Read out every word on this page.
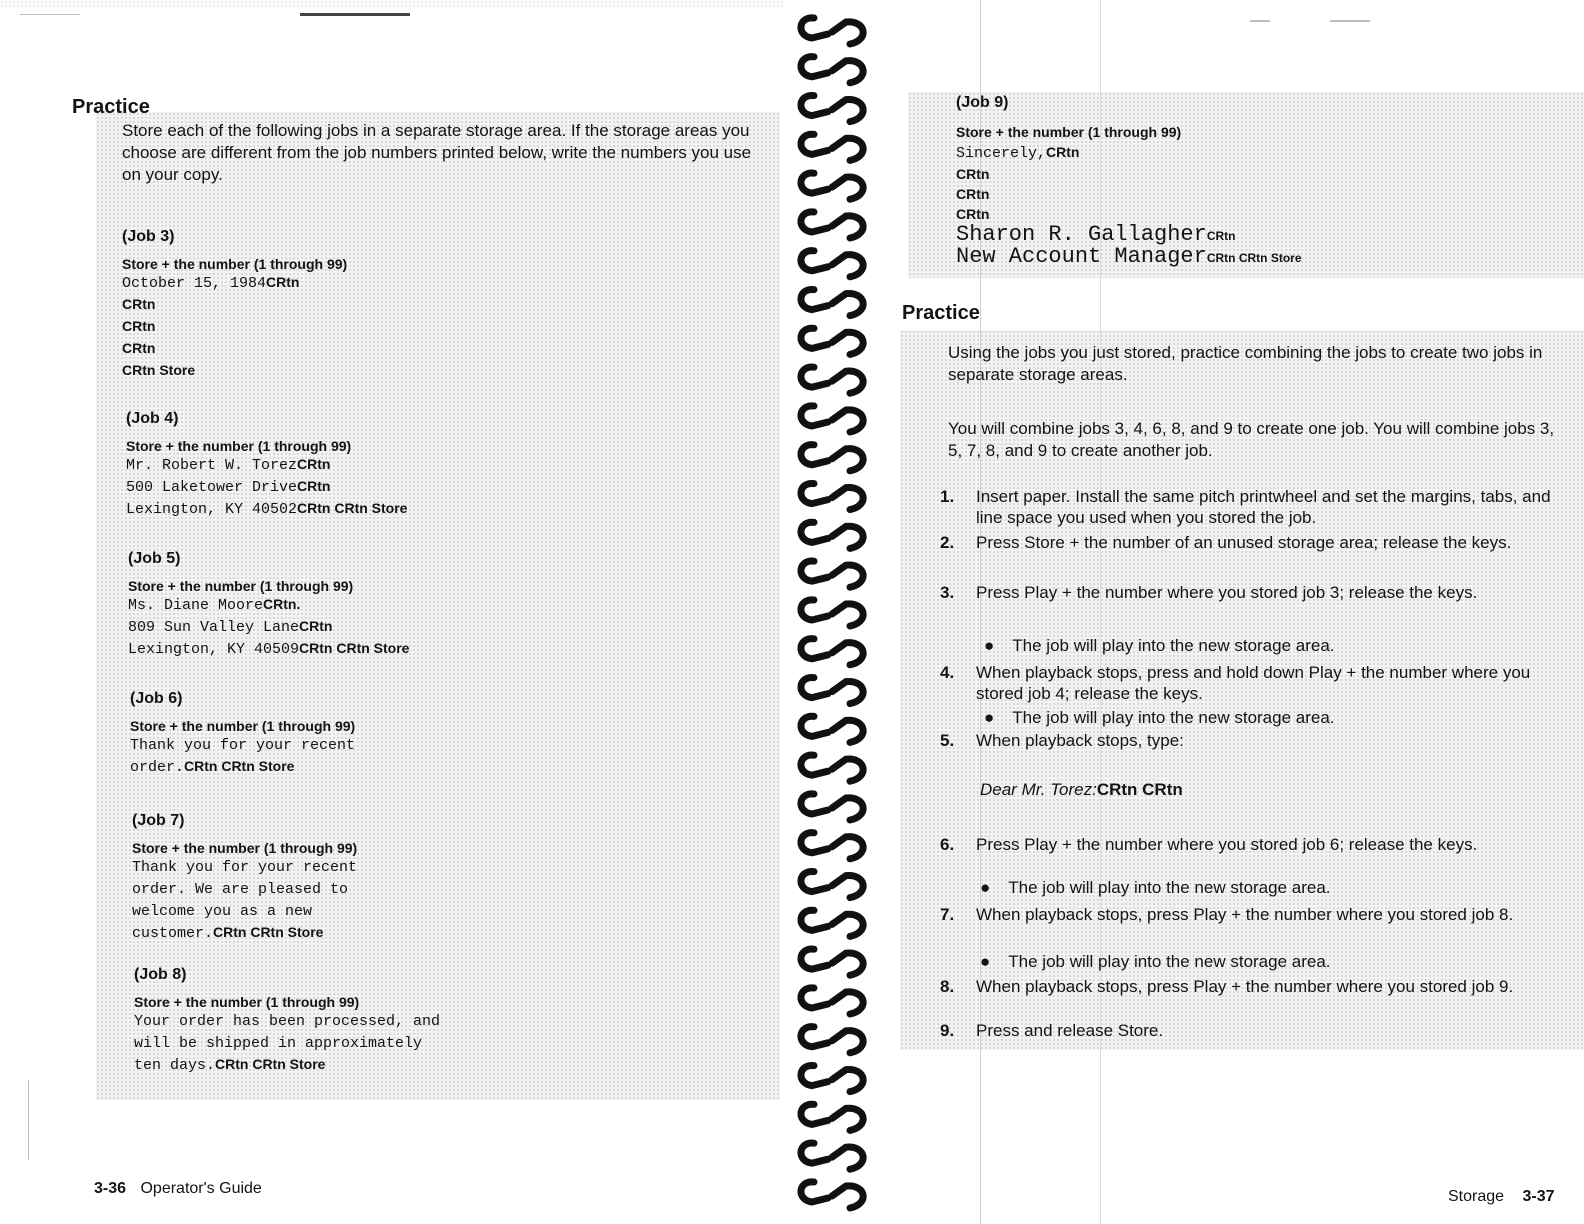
Practice
Store each of the following jobs in a separate storage area. If the storage areas you choose are different from the job numbers printed below, write the numbers you use on your copy.
(Job 3)
Store + the number (1 through 99)
October 15, 1984CRtn
CRtn
CRtn
CRtn
CRtn Store
(Job 4)
Store + the number (1 through 99)
Mr. Robert W. TorezCRtn
500 Laketower DriveCRtn
Lexington, KY 40502CRtn CRtn Store
(Job 5)
Store + the number (1 through 99)
Ms. Diane MooreCRtn.
809 Sun Valley LaneCRtn
Lexington, KY 40509CRtn CRtn Store
(Job 6)
Store + the number (1 through 99)
Thank you for your recent
order.CRtn CRtn Store
(Job 7)
Store + the number (1 through 99)
Thank you for your recent
order. We are pleased to
welcome you as a new
customer.CRtn CRtn Store
(Job 8)
Store + the number (1 through 99)
Your order has been processed, and
will be shipped in approximately
ten days.CRtn CRtn Store
3-36 Operator's Guide
(Job 9)
Store + the number (1 through 99)
Sincerely,CRtn
CRtn
CRtn
CRtn
Sharon R. GallagherCRtn
New Account ManagerCRtn CRtn Store
Practice
Using the jobs you just stored, practice combining the jobs to create two jobs in separate storage areas.
You will combine jobs 3, 4, 6, 8, and 9 to create one job. You will combine jobs 3, 5, 7, 8, and 9 to create another job.
1. Insert paper. Install the same pitch printwheel and set the margins, tabs, and line space you used when you stored the job.
2. Press Store + the number of an unused storage area; release the keys.
3. Press Play + the number where you stored job 3; release the keys.
● The job will play into the new storage area.
4. When playback stops, press and hold down Play + the number where you stored job 4; release the keys.
● The job will play into the new storage area.
5. When playback stops, type:
Dear Mr. Torez:CRtn CRtn
6. Press Play + the number where you stored job 6; release the keys.
● The job will play into the new storage area.
7. When playback stops, press Play + the number where you stored job 8.
● The job will play into the new storage area.
8. When playback stops, press Play + the number where you stored job 9.
9. Press and release Store.
Storage 3-37
